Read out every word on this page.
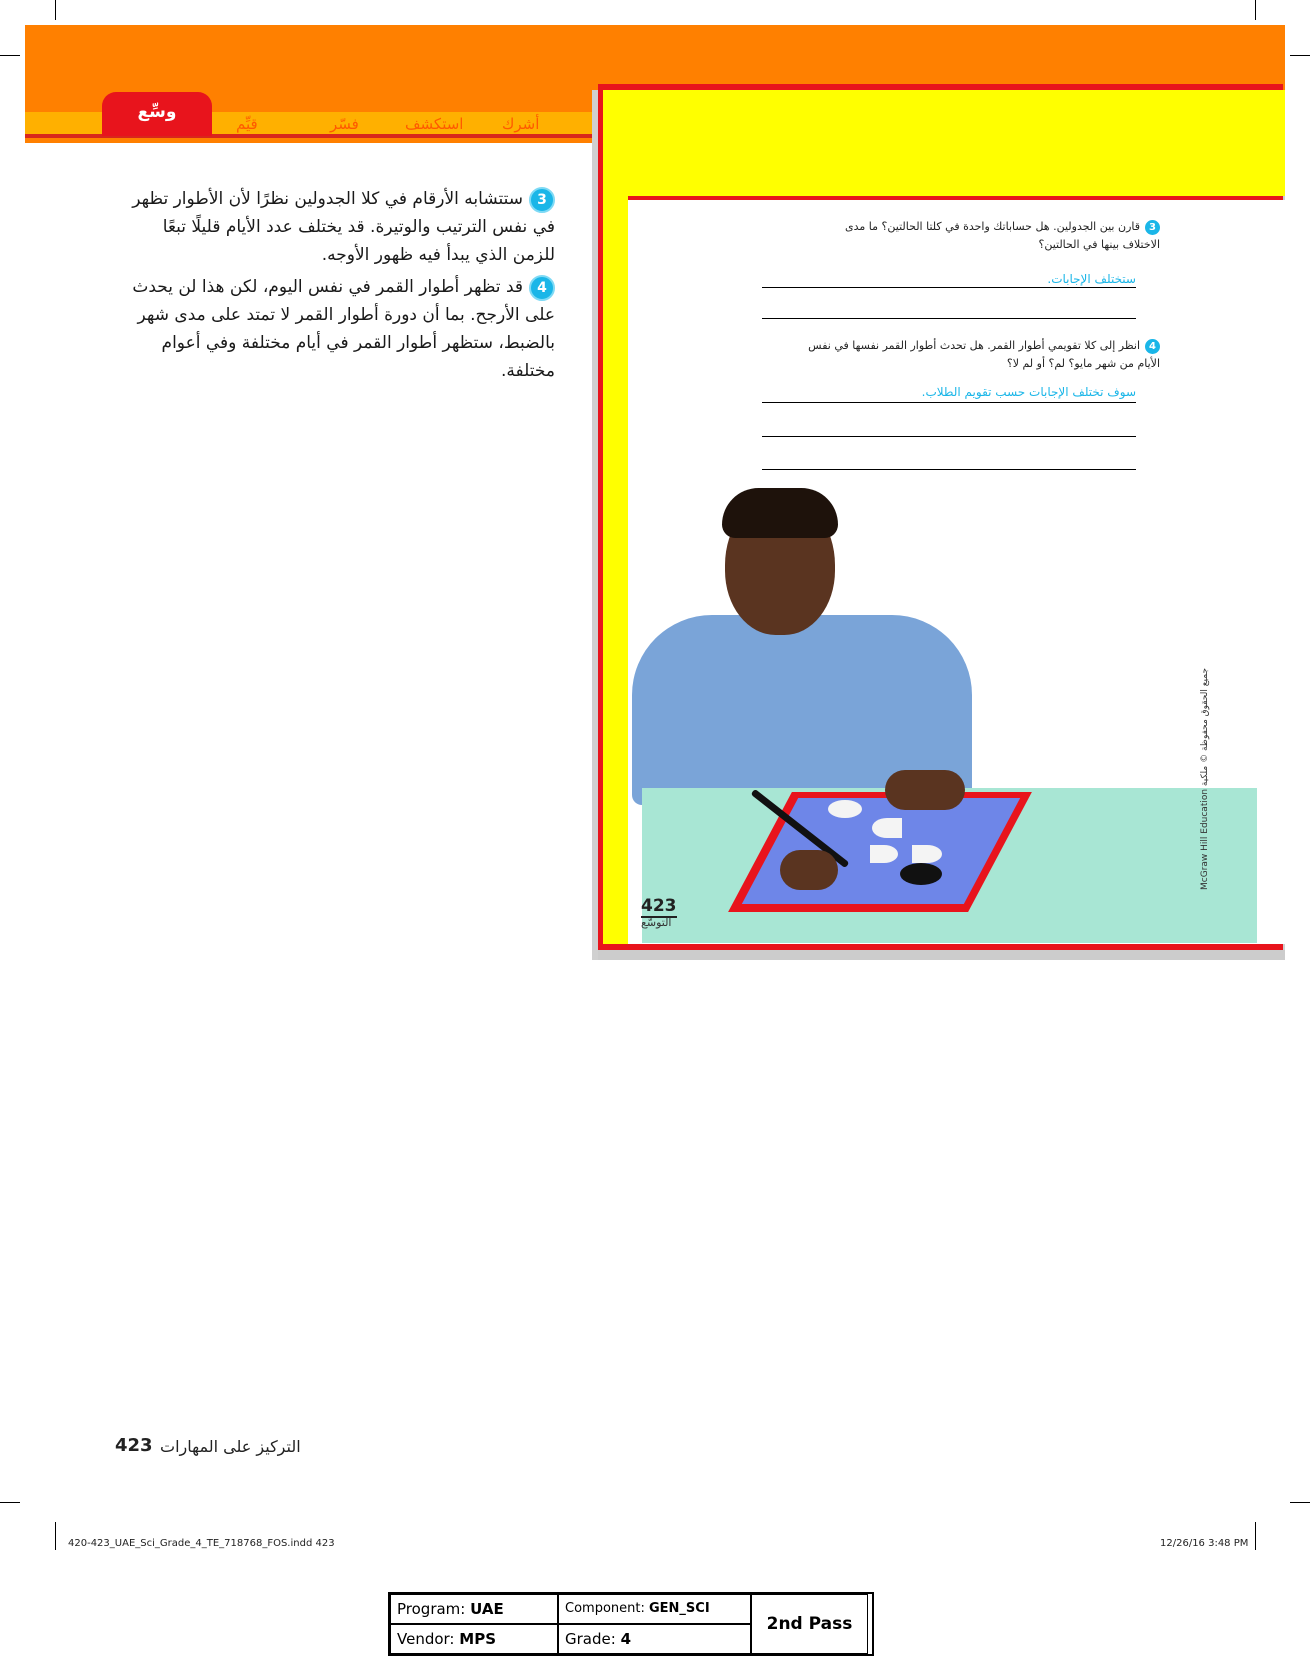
أشرك
استكشف
فسّر
قيِّم
وسِّع
3ستتشابه الأرقام في كلا الجدولين نظرًا لأن الأطوار تظهر في نفس الترتيب والوتيرة. قد يختلف عدد الأيام قليلًا تبعًا للزمن الذي يبدأ فيه ظهور الأوجه.
4قد تظهر أطوار القمر في نفس اليوم، لكن هذا لن يحدث على الأرجح. بما أن دورة أطوار القمر لا تمتد على مدى شهر بالضبط، ستظهر أطوار القمر في أيام مختلفة وفي أعوام مختلفة.
3قارن بين الجدولين. هل حساباتك واحدة في كلتا الحالتين؟ ما مدى الاختلاف بينها في الحالتين؟
ستختلف الإجابات.
4انظر إلى كلا تقويمي أطوار القمر. هل تحدث أطوار القمر نفسها في نفس الأيام من شهر مايو؟ لم؟ أو لم لا؟
سوف تختلف الإجابات حسب تقويم الطلاب.
423
التوسّع
McGraw Hill Education جميع الحقوق محفوظة © ملكية
423 التركيز على المهارات
420-423_UAE_Sci_Grade_4_TE_718768_FOS.indd 423	12/26/16 3:48 PM
Program: UAE	Component: GEN_SCI
Vendor: MPS	Grade: 4
2nd Pass
